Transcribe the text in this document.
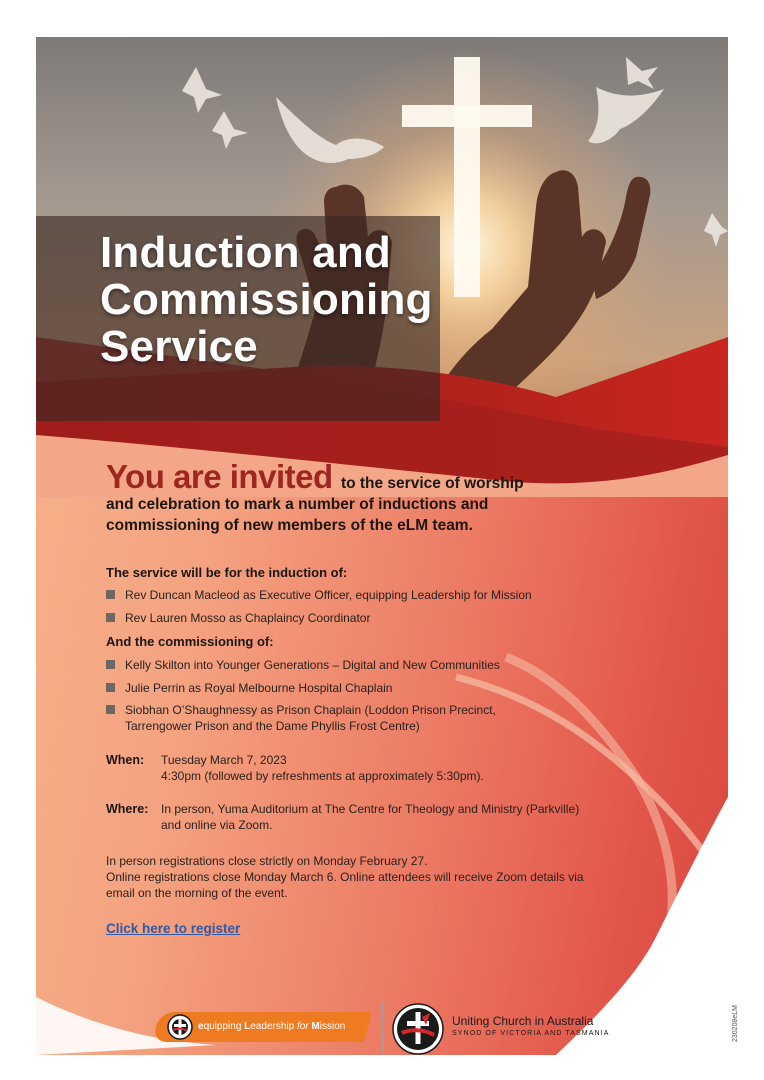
Induction and
Commissioning
Service

You are invited to the service of worship and celebration to mark a number of inductions and commissioning of new members of the eLM team.

The service will be for the induction of:

Rev Duncan Macleod as Executive Officer, equipping Leadership for Mission
Rev Lauren Mosso as Chaplaincy Coordinator

And the commissioning of:

Kelly Skilton into Younger Generations – Digital and New Communities
Julie Perrin as Royal Melbourne Hospital Chaplain
Siobhan O’Shaughnessy as Prison Chaplain (Loddon Prison Precinct, Tarrengower Prison and the Dame Phyllis Frost Centre)
When: Tuesday March 7, 2023
4:30pm (followed by refreshments at approximately 5:30pm).
Where: In person, Yuma Auditorium at The Centre for Theology and Ministry (Parkville) and online via Zoom.

In person registrations close strictly on Monday February 27.
Online registrations close Monday March 6. Online attendees will receive Zoom details via email on the morning of the event.

Click here to register
equipping Leadership for Mission	Uniting Church in Australia
SYNOD OF VICTORIA AND TASMANIA	230208eLM
